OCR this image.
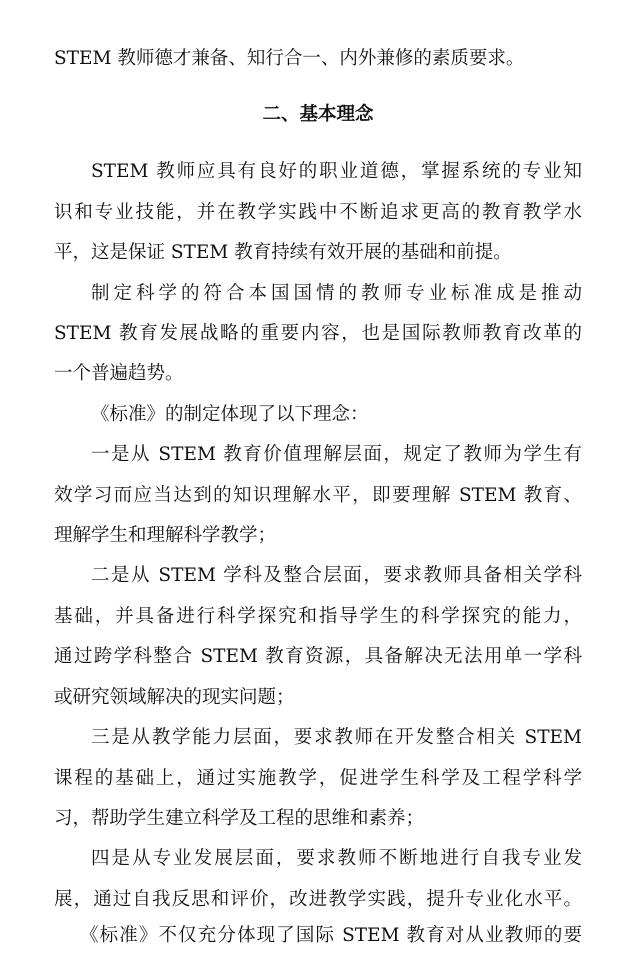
STEM 教师德才兼备、知行合一、内外兼修的素质要求。
二、基本理念
STEM 教师应具有良好的职业道德，掌握系统的专业知
识和专业技能，并在教学实践中不断追求更高的教育教学水
平，这是保证 STEM 教育持续有效开展的基础和前提。
制定科学的符合本国国情的教师专业标准成是推动
STEM 教育发展战略的重要内容，也是国际教师教育改革的
一个普遍趋势。
《标准》的制定体现了以下理念：
一是从 STEM 教育价值理解层面，规定了教师为学生有
效学习而应当达到的知识理解水平，即要理解 STEM 教育、
理解学生和理解科学教学；
二是从 STEM 学科及整合层面，要求教师具备相关学科
基础，并具备进行科学探究和指导学生的科学探究的能力，
通过跨学科整合 STEM 教育资源，具备解决无法用单一学科
或研究领域解决的现实问题；
三是从教学能力层面，要求教师在开发整合相关 STEM
课程的基础上，通过实施教学，促进学生科学及工程学科学
习，帮助学生建立科学及工程的思维和素养；
四是从专业发展层面，要求教师不断地进行自我专业发
展，通过自我反思和评价，改进教学实践，提升专业化水平。
《标准》不仅充分体现了国际 STEM 教育对从业教师的要
